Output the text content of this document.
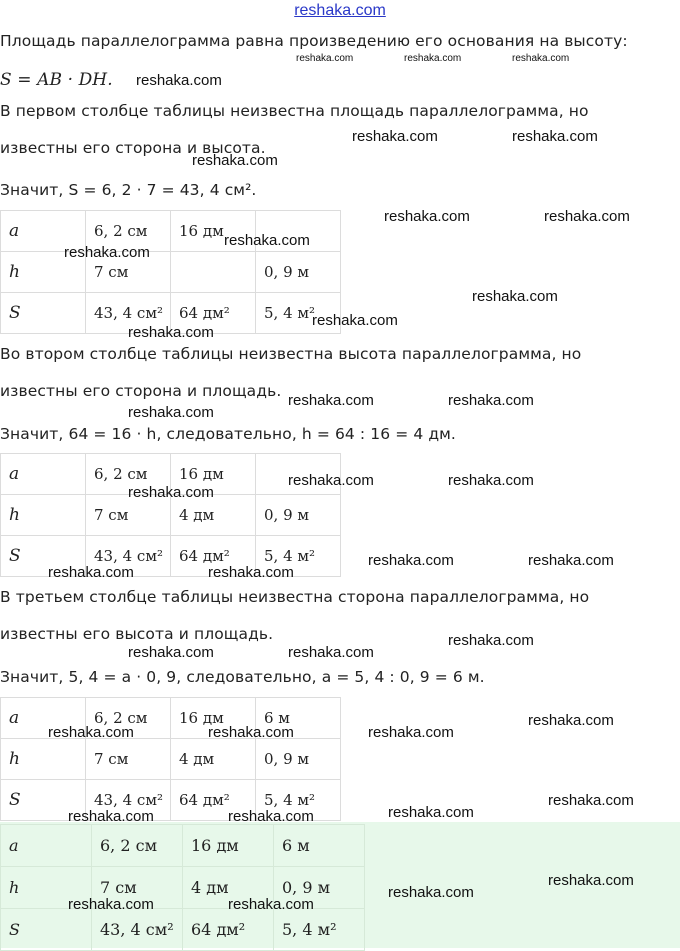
reshaka.com
Площадь параллелограмма равна произведению его основания на высоту:
S = AB · DH.
В первом столбце таблицы неизвестна площадь параллелограмма, но
известны его сторона и высота.
Значит, S = 6, 2 · 7 = 43, 4 см².
a	6, 2 см	16 дм	
h	7 см		0, 9 м
S	43, 4 см²	64 дм²	5, 4 м²
Во втором столбце таблицы неизвестна высота параллелограмма, но
известны его сторона и площадь.
Значит, 64 = 16 · h, следовательно, h = 64 : 16 = 4 дм.
a	6, 2 см	16 дм	
h	7 см	4 дм	0, 9 м
S	43, 4 см²	64 дм²	5, 4 м²
В третьем столбце таблицы неизвестна сторона параллелограмма, но
известны его высота и площадь.
Значит, 5, 4 = a · 0, 9, следовательно, a = 5, 4 : 0, 9 = 6 м.
a	6, 2 см	16 дм	6 м
h	7 см	4 дм	0, 9 м
S	43, 4 см²	64 дм²	5, 4 м²
a	6, 2 см	16 дм	6 м
h	7 см	4 дм	0, 9 м
S	43, 4 см²	64 дм²	5, 4 м²
reshaka.com	reshaka.com	reshaka.com
reshaka.com
reshaka.com	reshaka.com
reshaka.com
reshaka.com	reshaka.com
reshaka.com
reshaka.com
reshaka.com
reshaka.com
reshaka.com
reshaka.com	reshaka.com
reshaka.com
reshaka.com	reshaka.com
reshaka.com
reshaka.com	reshaka.com
reshaka.com	reshaka.com
reshaka.com
reshaka.com	reshaka.com
reshaka.com
reshaka.com	reshaka.com	reshaka.com
reshaka.com
reshaka.com
reshaka.com	reshaka.com
reshaka.com
reshaka.com
reshaka.com	reshaka.com
